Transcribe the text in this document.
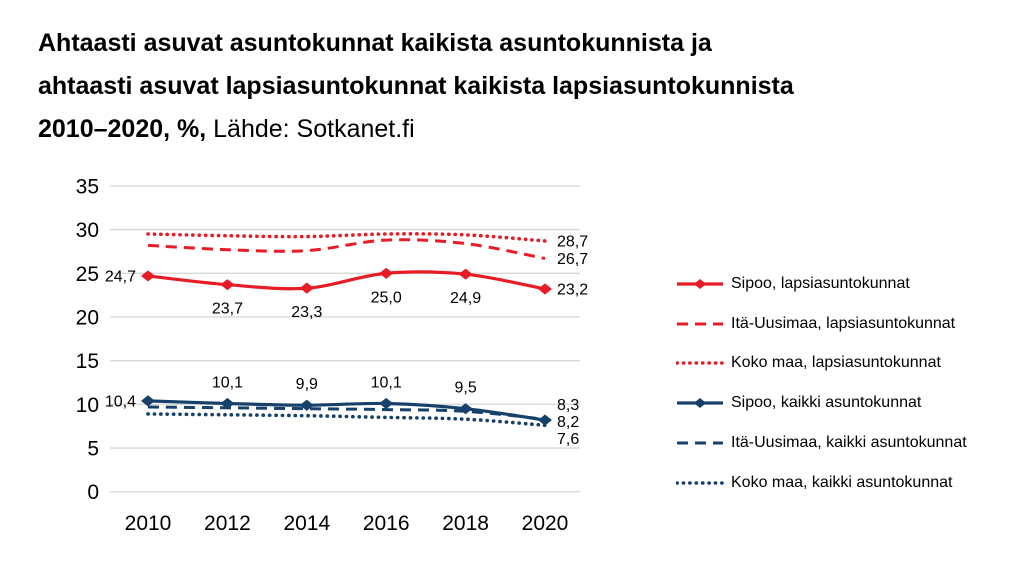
Ahtaasti asuvat asuntokunnat kaikista asuntokunnista ja
ahtaasti asuvat lapsiasuntokunnat kaikista lapsiasuntokunnista
2010–2020, %, Lähde: Sotkanet.fi
0
5
10
15
20
25
30
35
2010 2012 2014 2016 2018 2020
24,7
23,7	23,3
25,0	24,9
10,4
10,1	9,9	10,1	9,5
28,7
26,7
23,2
8,3
8,2
7,6
Sipoo, lapsiasuntokunnat
Itä-Uusimaa, lapsiasuntokunnat
Koko maa, lapsiasuntokunnat
Sipoo, kaikki asuntokunnat
Itä-Uusimaa, kaikki asuntokunnat
Koko maa, kaikki asuntokunnat
